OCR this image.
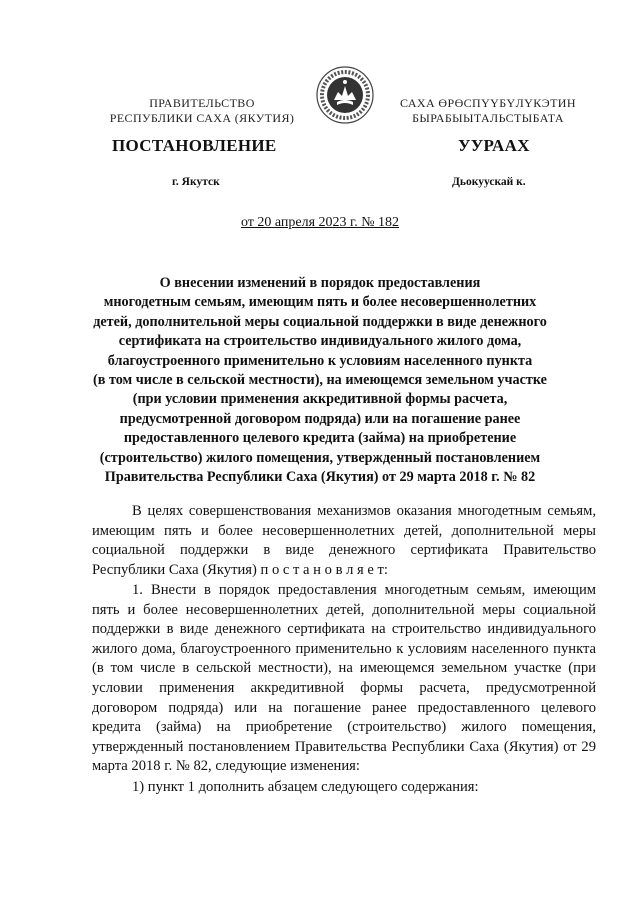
ПРАВИТЕЛЬСТВО
РЕСПУБЛИКИ САХА (ЯКУТИЯ)
САХА ӨРӨСПҮҮБҮЛҮКЭТИН
БЫРАБЫЫТАЛЬСТЫБАТА
ПОСТАНОВЛЕНИЕ	УУРААХ
г. Якутск	Дьокуускай к.
от 20 апреля 2023 г. № 182
О внесении изменений в порядок предоставления
многодетным семьям, имеющим пять и более несовершеннолетних
детей, дополнительной меры социальной поддержки в виде денежного
сертификата на строительство индивидуального жилого дома,
благоустроенного применительно к условиям населенного пункта
(в том числе в сельской местности), на имеющемся земельном участке
(при условии применения аккредитивной формы расчета,
предусмотренной договором подряда) или на погашение ранее
предоставленного целевого кредита (займа) на приобретение
(строительство) жилого помещения, утвержденный постановлением
Правительства Республики Саха (Якутия) от 29 марта 2018 г. № 82
В целях совершенствования механизмов оказания многодетным семьям, имеющим пять и более несовершеннолетних детей, дополнительной меры социальной поддержки в виде денежного сертификата Правительство Республики Саха (Якутия) п о с т а н о в л я е т:
1. Внести в порядок предоставления многодетным семьям, имеющим пять и более несовершеннолетних детей, дополнительной меры социальной поддержки в виде денежного сертификата на строительство индивидуального жилого дома, благоустроенного применительно к условиям населенного пункта (в том числе в сельской местности), на имеющемся земельном участке (при условии применения аккредитивной формы расчета, предусмотренной договором подряда) или на погашение ранее предоставленного целевого кредита (займа) на приобретение (строительство) жилого помещения, утвержденный постановлением Правительства Республики Саха (Якутия) от 29 марта 2018 г. № 82, следующие изменения:
1) пункт 1 дополнить абзацем следующего содержания:
